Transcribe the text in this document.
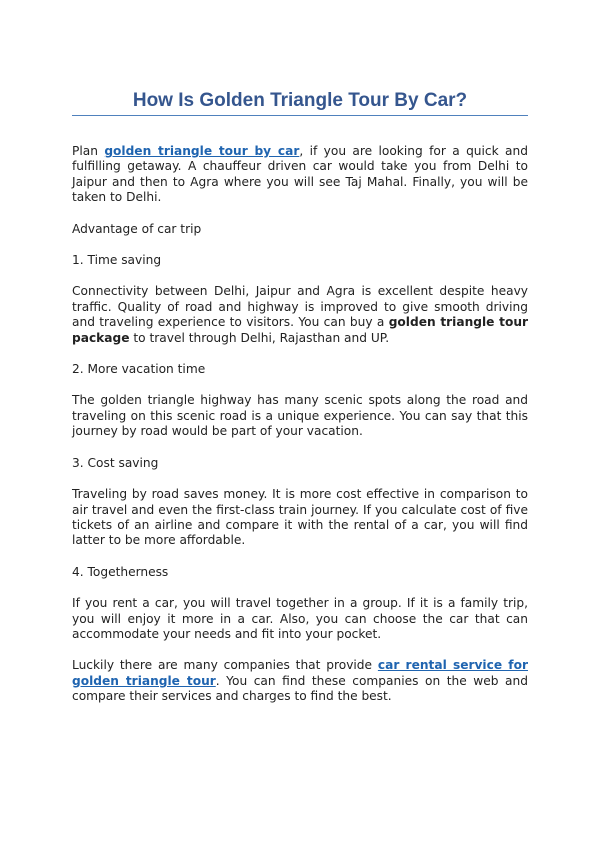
How Is Golden Triangle Tour By Car?

Plan golden triangle tour by car, if you are looking for a quick and fulfilling getaway. A chauffeur driven car would take you from Delhi to Jaipur and then to Agra where you will see Taj Mahal. Finally, you will be taken to Delhi.

Advantage of car trip

1. Time saving

Connectivity between Delhi, Jaipur and Agra is excellent despite heavy traffic. Quality of road and highway is improved to give smooth driving and traveling experience to visitors. You can buy a golden triangle tour package to travel through Delhi, Rajasthan and UP.

2. More vacation time

The golden triangle highway has many scenic spots along the road and traveling on this scenic road is a unique experience. You can say that this journey by road would be part of your vacation.

3. Cost saving

Traveling by road saves money. It is more cost effective in comparison to air travel and even the first-class train journey. If you calculate cost of five tickets of an airline and compare it with the rental of a car, you will find latter to be more affordable.

4. Togetherness

If you rent a car, you will travel together in a group. If it is a family trip, you will enjoy it more in a car. Also, you can choose the car that can accommodate your needs and fit into your pocket.

Luckily there are many companies that provide car rental service for golden triangle tour. You can find these companies on the web and compare their services and charges to find the best.
